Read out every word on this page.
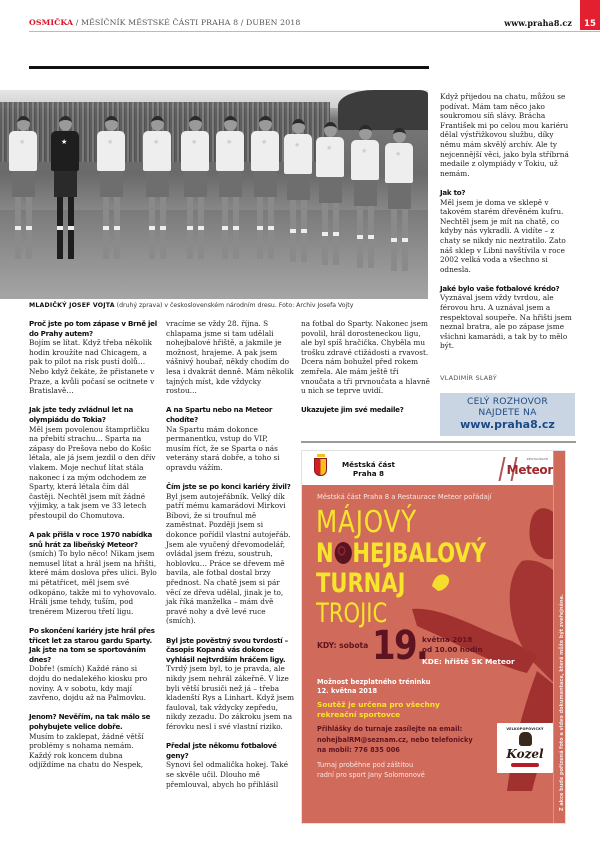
OSMIČKA / MĚSÍČNÍK MĚSTSKÉ ČÁSTI PRAHA 8 / DUBEN 2018	www.praha8.cz	15
★	★	★	★	★	★	★	★	★	★	★
MLADIČKÝ JOSEF VOJTA (druhý zprava) v československém národním dresu. Foto: Archiv Josefa Vojty

Proč jste po tom zápase v Brně jel do Prahy autem?
Bojím se lítat. Když třeba několik hodin kroužíte nad Chicagem, a pak to pilot na risk pustí dolů… Nebo když čekáte, že přistanete v Praze, a kvůli počasí se ocitnete v Bratislavě…

Jak jste tedy zvládnul let na olympiádu do Tokia?
Měl jsem povolenou štamprličku na přebití strachu… Sparta na zápasy do Prešova nebo do Košic létala, ale já jsem jezdil o den dřív vlakem. Moje nechuť lítat stála nakonec i za mým odchodem ze Sparty, která létala čím dál častěji. Nechtěl jsem mít žádné výjimky, a tak jsem ve 33 letech přestoupil do Chomutova.

A pak přišla v roce 1970 nabídka snů hrát za libeňský Meteor?
(smích) To bylo něco! Nikam jsem nemusel lítat a hrál jsem na hřišti, které mám doslova přes ulici. Bylo mi pětatřicet, měl jsem své odkopáno, takže mi to vyhovovalo. Hráli jsme tehdy, tuším, pod trenérem Mizerou třetí ligu.

Po skončení kariéry jste hrál přes třicet let za starou gardu Sparty. Jak jste na tom se sportováním dnes?
Dobře! (smích) Každé ráno si dojdu do nedalekého kiosku pro noviny. A v sobotu, kdy mají zavřeno, dojdu až na Palmovku.

Jenom? Nevěřím, na tak málo se pohybujete velice dobře.
Musím to zaklepat, žádné větší problémy s nohama nemám. Každý rok koncem dubna odjíždíme na chatu do Nespek,

vracíme se vždy 28. října. S chlapama jsme si tam udělali nohejbalové hřiště, a jakmile je možnost, hrajeme. A pak jsem vášnivý houbař, někdy chodím do lesa i dvakrát denně. Mám několik tajných míst, kde vždycky rostou…

A na Spartu nebo na Meteor chodíte?
Na Spartu mám dokonce permanentku, vstup do VIP, musím říct, že se Sparta o nás veterány stará dobře, a toho si opravdu vážím.

Čím jste se po konci kariéry živil?
Byl jsem autojeřábník. Velký dík patří mému kamarádovi Mirkovi Bíbovi, že si troufnul mě zaměstnat. Později jsem si dokonce pořídil vlastní autojeřáb. Jsem ale vyučený dřevomodelář, ovládal jsem frézu, soustruh, hoblovku… Práce se dřevem mě bavila, ale fotbal dostal brzy přednost. Na chatě jsem si pár věcí ze dřeva udělal, jinak je to, jak říká manželka – mám dvě pravé nohy a dvě levé ruce (smích).

Byl jste pověstný svou tvrdostí – časopis Kopaná vás dokonce vyhlásil nejtvrdším hráčem ligy.
Tvrdý jsem byl, to je pravda, ale nikdy jsem nehrál zákeřně. V lize byli větší brusiči než já – třeba kladenští Rys a Linhart. Když jsem fauloval, tak vždycky zepředu, nikdy zezadu. Do zákroku jsem na férovku nesl i své vlastní riziko.

Předal jste někomu fotbalové geny?
Synovi šel odmalička hokej. Také se skvěle učil. Dlouho mě přemlouval, abych ho přihlásil

na fotbal do Sparty. Nakonec jsem povolil, hrál dorosteneckou ligu, ale byl spíš hračička. Chyběla mu trošku zdravé ctižádosti a rvavost. Dcera nám bohužel před rokem zemřela. Ale mám ještě tři vnoučata a tři prvnoučata a hlavně u nich se teprve uvidí.

Ukazujete jim své medaile?

Když přijedou na chatu, můžou se podívat. Mám tam něco jako soukromou síň slávy. Brácha František mi po celou mou kariéru dělal výstřižkovou službu, díky němu mám skvělý archív. Ale ty nejcennější věci, jako byla stříbrná medaile z olympiády v Tokiu, už nemám.

Jak to?
Měl jsem je doma ve sklepě v takovém starém dřevěném kufru. Nechtěl jsem je mít na chatě, co kdyby nás vykradli. A vidíte – z chaty se nikdy nic neztratilo. Zato náš sklep v Libni navštívila v roce 2002 velká voda a všechno si odnesla.

Jaké bylo vaše fotbalové krédo?
Vyznával jsem vždy tvrdou, ale férovou hru. A uznával jsem a respektoval soupeře. Na hřišti jsem neznal bratra, ale po zápase jsme všichni kamarádi, a tak by to mělo být.

VLADIMÍR SLABÝ
CELÝ ROZHOVOR
NAJDETE NA
www.praha8.cz
Městská část
Praha 8
RESTAURACE
Meteor
Městská část Praha 8 a Restaurace Meteor pořádají
MÁJOVÝ
N HEJBALOVÝ
TURNAJ
TROJIC
KDY: sobota 19.
května 2018
od 10.00 hodin
KDE: hřiště SK Meteor
Možnost bezplatného tréninku
12. května 2018
Soutěž je určena pro všechny
rekreační sportovce
Přihlášky do turnaje zasílejte na email:
nohejbalRM@seznam.cz, nebo telefonicky
na mobil: 776 835 006
Turnaj proběhne pod záštitou
radní pro sport Jany Solomonové
VELKOPOPOVICKÝ
Kozel	Z akce bude pořízená foto a video dokumentace, která může být zveřejněna.
